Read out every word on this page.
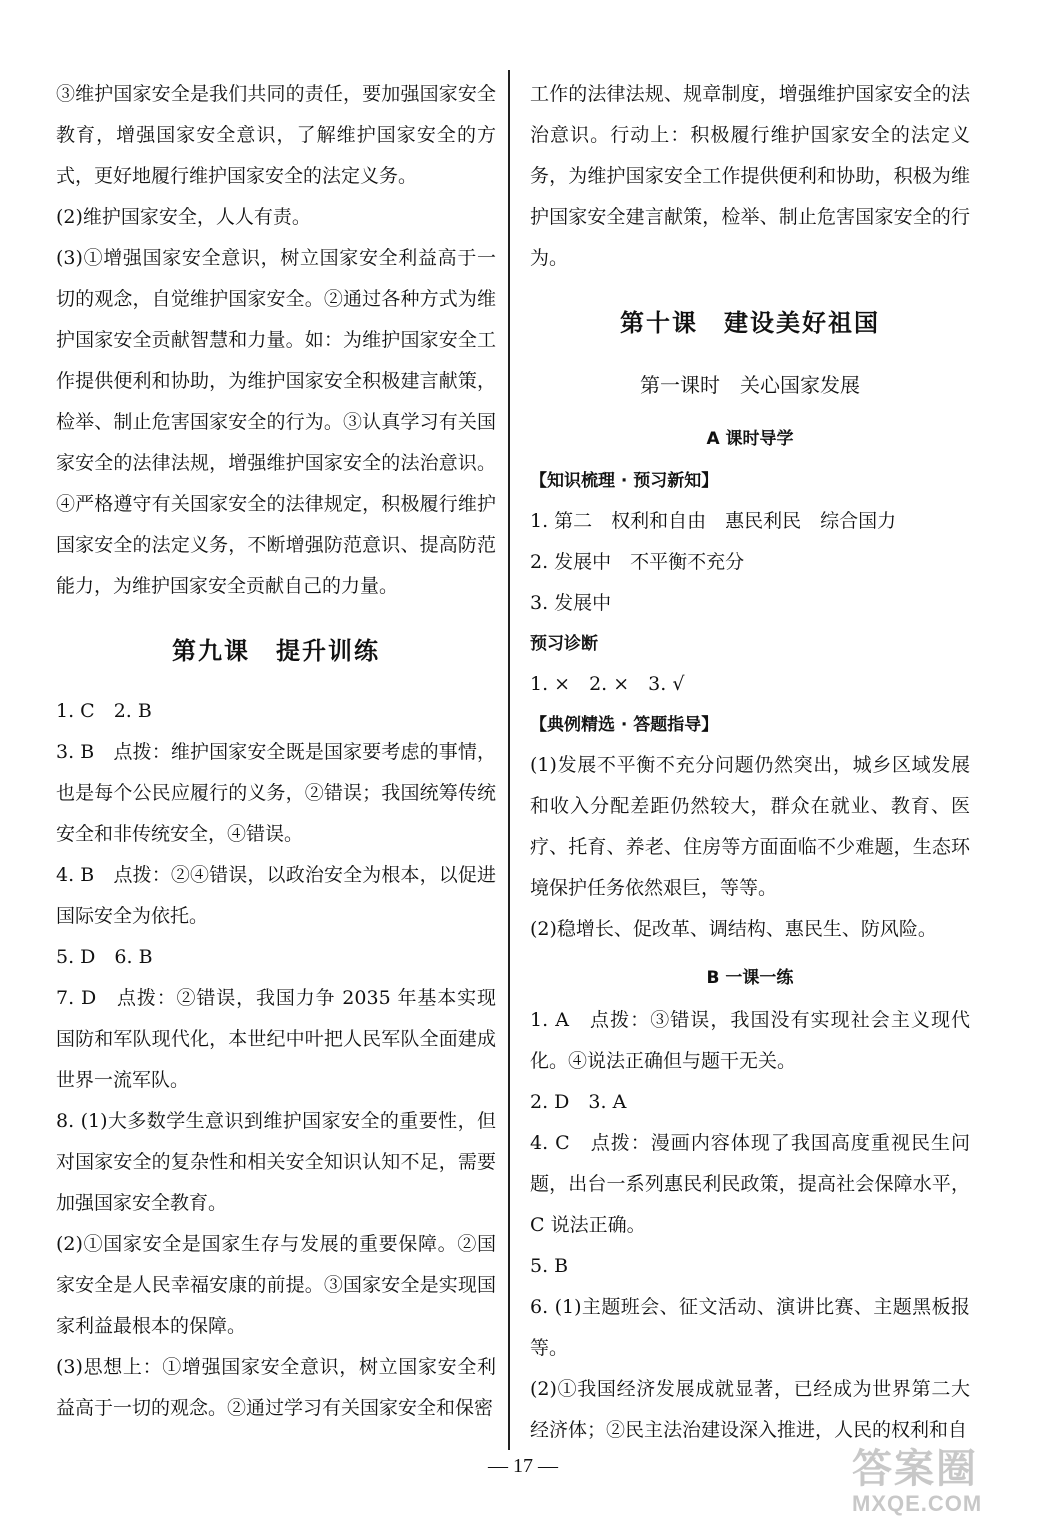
③维护国家安全是我们共同的责任，要加强国家安全教育，增强国家安全意识，了解维护国家安全的方式，更好地履行维护国家安全的法定义务。

(2)维护国家安全，人人有责。

(3)①增强国家安全意识，树立国家安全利益高于一切的观念，自觉维护国家安全。②通过各种方式为维护国家安全贡献智慧和力量。如：为维护国家安全工作提供便利和协助，为维护国家安全积极建言献策，检举、制止危害国家安全的行为。③认真学习有关国家安全的法律法规，增强维护国家安全的法治意识。④严格遵守有关国家安全的法律规定，积极履行维护国家安全的法定义务，不断增强防范意识、提高防范能力，为维护国家安全贡献自己的力量。

第九课　提升训练

1. C　2. B

3. B　点拨：维护国家安全既是国家要考虑的事情，也是每个公民应履行的义务，②错误；我国统筹传统安全和非传统安全，④错误。

4. B　点拨：②④错误，以政治安全为根本，以促进国际安全为依托。

5. D　6. B

7. D　点拨：②错误，我国力争 2035 年基本实现国防和军队现代化，本世纪中叶把人民军队全面建成世界一流军队。

8. (1)大多数学生意识到维护国家安全的重要性，但对国家安全的复杂性和相关安全知识认知不足，需要加强国家安全教育。

(2)①国家安全是国家生存与发展的重要保障。②国家安全是人民幸福安康的前提。③国家安全是实现国家利益最根本的保障。

(3)思想上：①增强国家安全意识，树立国家安全利益高于一切的观念。②通过学习有关国家安全和保密

工作的法律法规、规章制度，增强维护国家安全的法治意识。行动上：积极履行维护国家安全的法定义务，为维护国家安全工作提供便利和协助，积极为维护国家安全建言献策，检举、制止危害国家安全的行为。

第十课　建设美好祖国
第一课时　关心国家发展
A 课时导学
【知识梳理 · 预习新知】

1. 第二　权利和自由　惠民利民　综合国力

2. 发展中　不平衡不充分

3. 发展中

预习诊断

1. ×　2. ×　3. √

【典例精选 · 答题指导】

(1)发展不平衡不充分问题仍然突出，城乡区域发展和收入分配差距仍然较大，群众在就业、教育、医疗、托育、养老、住房等方面面临不少难题，生态环境保护任务依然艰巨，等等。

(2)稳增长、促改革、调结构、惠民生、防风险。

B 一课一练

1. A　点拨：③错误，我国没有实现社会主义现代化。④说法正确但与题干无关。

2. D　3. A

4. C　点拨：漫画内容体现了我国高度重视民生问题，出台一系列惠民利民政策，提高社会保障水平，C 说法正确。

5. B

6. (1)主题班会、征文活动、演讲比赛、主题黑板报等。

(2)①我国经济发展成就显著，已经成为世界第二大经济体；②民主法治建设深入推进，人民的权利和自

— 17 —	答案圈
MXQE.COM
